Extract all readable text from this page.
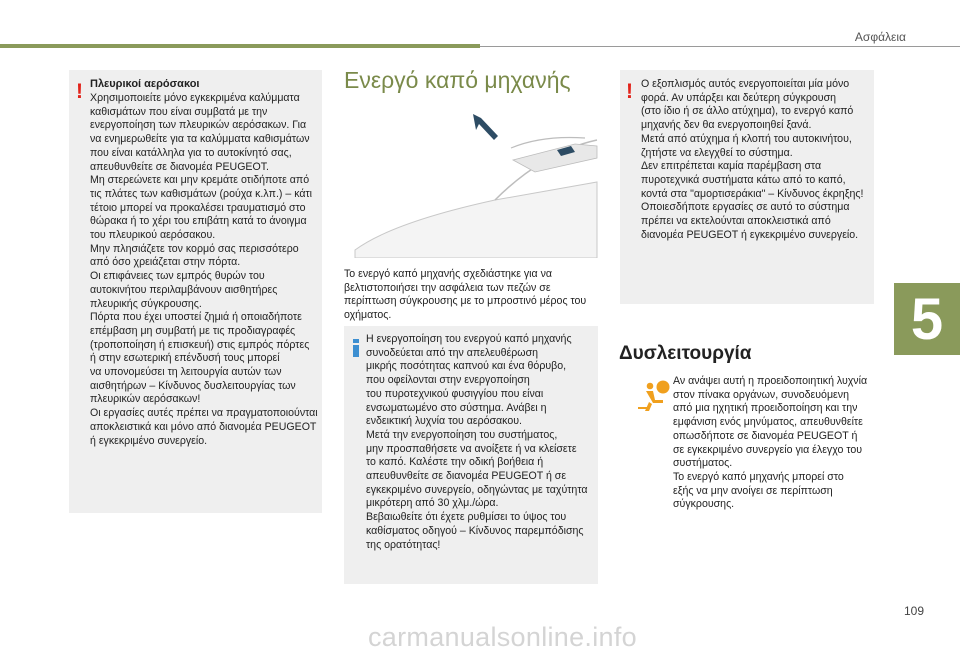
Ασφάλεια
5
! Πλευρικοί αερόσακοι
Χρησιμοποιείτε μόνο εγκεκριμένα καλύμματα
καθισμάτων που είναι συμβατά με την
ενεργοποίηση των πλευρικών αερόσακων. Για
να ενημερωθείτε για τα καλύμματα καθισμάτων
που είναι κατάλληλα για το αυτοκίνητό σας,
απευθυνθείτε σε διανομέα PEUGEOT.
Μη στερεώνετε και μην κρεμάτε οτιδήποτε από
τις πλάτες των καθισμάτων (ρούχα κ.λπ.) – κάτι
τέτοιο μπορεί να προκαλέσει τραυματισμό στο
θώρακα ή το χέρι του επιβάτη κατά το άνοιγμα
του πλευρικού αερόσακου.
Μην πλησιάζετε τον κορμό σας περισσότερο
από όσο χρειάζεται στην πόρτα.
Οι επιφάνειες των εμπρός θυρών του
αυτοκινήτου περιλαμβάνουν αισθητήρες
πλευρικής σύγκρουσης.
Πόρτα που έχει υποστεί ζημιά ή οποιαδήποτε
επέμβαση μη συμβατή με τις προδιαγραφές
(τροποποίηση ή επισκευή) στις εμπρός πόρτες
ή στην εσωτερική επένδυσή τους μπορεί
να υπονομεύσει τη λειτουργία αυτών των
αισθητήρων – Κίνδυνος δυσλειτουργίας των
πλευρικών αερόσακων!
Οι εργασίες αυτές πρέπει να πραγματοποιούνται
αποκλειστικά και μόνο από διανομέα PEUGEOT
ή εγκεκριμένο συνεργείο.
Ενεργό καπό μηχανής
Το ενεργό καπό μηχανής σχεδιάστηκε για να
βελτιστοποιήσει την ασφάλεια των πεζών σε
περίπτωση σύγκρουσης με το μπροστινό μέρος του
οχήματος.
Η ενεργοποίηση του ενεργού καπό μηχανής
συνοδεύεται από την απελευθέρωση
μικρής ποσότητας καπνού και ένα θόρυβο,
που οφείλονται στην ενεργοποίηση
του πυροτεχνικού φυσιγγίου που είναι
ενσωματωμένο στο σύστημα. Ανάβει η
ενδεικτική λυχνία του αερόσακου.
Μετά την ενεργοποίηση του συστήματος,
μην προσπαθήσετε να ανοίξετε ή να κλείσετε
το καπό. Καλέστε την οδική βοήθεια ή
απευθυνθείτε σε διανομέα PEUGEOT ή σε
εγκεκριμένο συνεργείο, οδηγώντας με ταχύτητα
μικρότερη από 30 χλμ./ώρα.
Βεβαιωθείτε ότι έχετε ρυθμίσει το ύψος του
καθίσματος οδηγού – Κίνδυνος παρεμπόδισης
της ορατότητας!
! Ο εξοπλισμός αυτός ενεργοποιείται μία μόνο
φορά. Αν υπάρξει και δεύτερη σύγκρουση
(στο ίδιο ή σε άλλο ατύχημα), το ενεργό καπό
μηχανής δεν θα ενεργοποιηθεί ξανά.
Μετά από ατύχημα ή κλοπή του αυτοκινήτου,
ζητήστε να ελεγχθεί το σύστημα.
Δεν επιτρέπεται καμία παρέμβαση στα
πυροτεχνικά συστήματα κάτω από το καπό,
κοντά στα "αμορτισεράκια" – Κίνδυνος έκρηξης!
Οποιεσδήποτε εργασίες σε αυτό το σύστημα
πρέπει να εκτελούνται αποκλειστικά από
διανομέα PEUGEOT ή εγκεκριμένο συνεργείο.
Δυσλειτουργία
Αν ανάψει αυτή η προειδοποιητική λυχνία
στον πίνακα οργάνων, συνοδευόμενη
από μια ηχητική προειδοποίηση και την
εμφάνιση ενός μηνύματος, απευθυνθείτε
οπωσδήποτε σε διανομέα PEUGEOT ή
σε εγκεκριμένο συνεργείο για έλεγχο του
συστήματος.
Το ενεργό καπό μηχανής μπορεί στο
εξής να μην ανοίγει σε περίπτωση
σύγκρουσης.
109
carmanualsonline.info
